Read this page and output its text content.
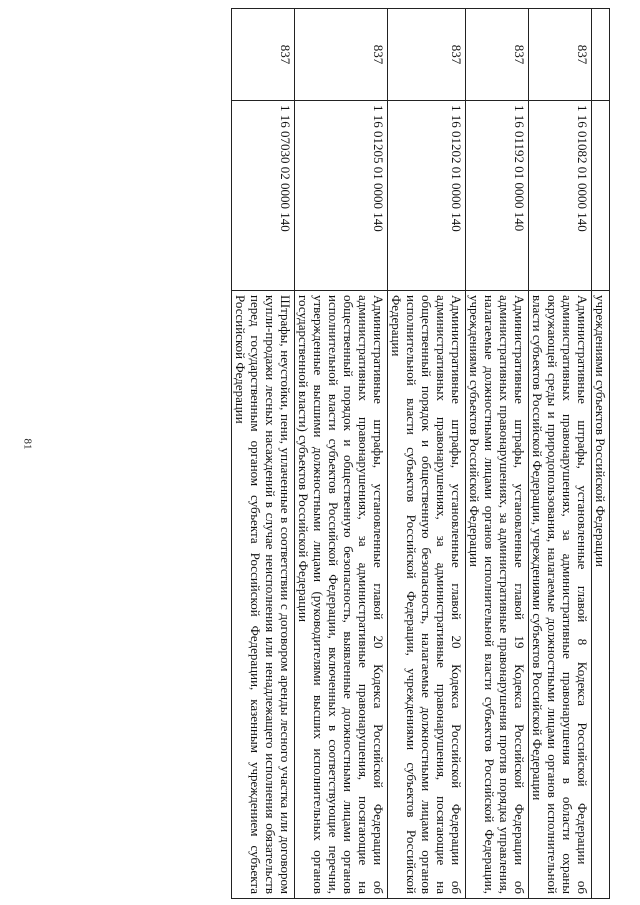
81
			учреждениями субъектов Российской Федерации
837	1 16 01082 01 0000 140	Административные штрафы, установленные главой 8 Кодекса Российской Федерации об административных правонарушениях, за административные правонарушения в области охраны окружающей среды и природопользования, налагаемые должностными лицами органов исполнительной власти субъектов Российской Федерации, учреждениями субъектов Российской Федерации
837	1 16 01192 01 0000 140	Административные штрафы, установленные главой 19 Кодекса Российской Федерации об административных правонарушениях, за административные правонарушения против порядка управления, налагаемые должностными лицами органов исполнительной власти субъектов Российской Федерации, учреждениями субъектов Российской Федерации
837	1 16 01202 01 0000 140	Административные штрафы, установленные главой 20 Кодекса Российской Федерации об административных правонарушениях, за административные правонарушения, посягающие на общественный порядок и общественную безопасность, налагаемые должностными лицами органов исполнительной власти субъектов Российской Федерации, учреждениями субъектов Российской Федерации
837	1 16 01205 01 0000 140	Административные штрафы, установленные главой 20 Кодекса Российской Федерации об административных правонарушениях, за административные правонарушения, посягающие на общественный порядок и общественную безопасность, выявленные должностными лицами органов исполнительной власти субъектов Российской Федерации, включенных в соответствующие перечни, утвержденные высшими должностными лицами (руководителями высших исполнительных органов государственной власти) субъектов Российской Федерации
837	1 16 07030 02 0000 140	Штрафы, неустойки, пени, уплаченные в соответствии с договором аренды лесного участка или договором купли-продажи лесных насаждений в случае неисполнения или ненадлежащего исполнения обязательств перед государственным органом субъекта Российской Федерации, казенным учреждением субъекта Российской Федерации
